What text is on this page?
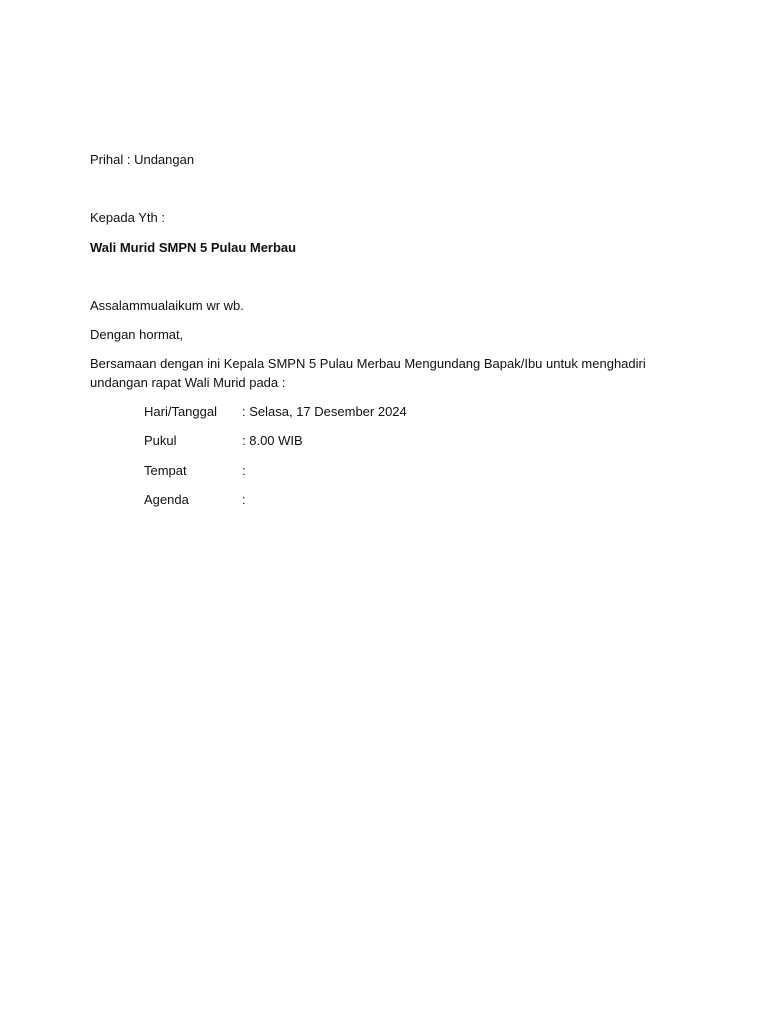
Prihal : Undangan
Kepada Yth :
Wali Murid SMPN 5 Pulau Merbau
Assalammualaikum wr wb.
Dengan hormat,
Bersamaan dengan ini Kepala SMPN 5 Pulau Merbau Mengundang Bapak/Ibu untuk menghadiri
undangan rapat Wali Murid pada :
Hari/Tanggal : Selasa, 17 Desember 2024
Pukul	: 8.00 WIB
Tempat	:
Agenda	:
